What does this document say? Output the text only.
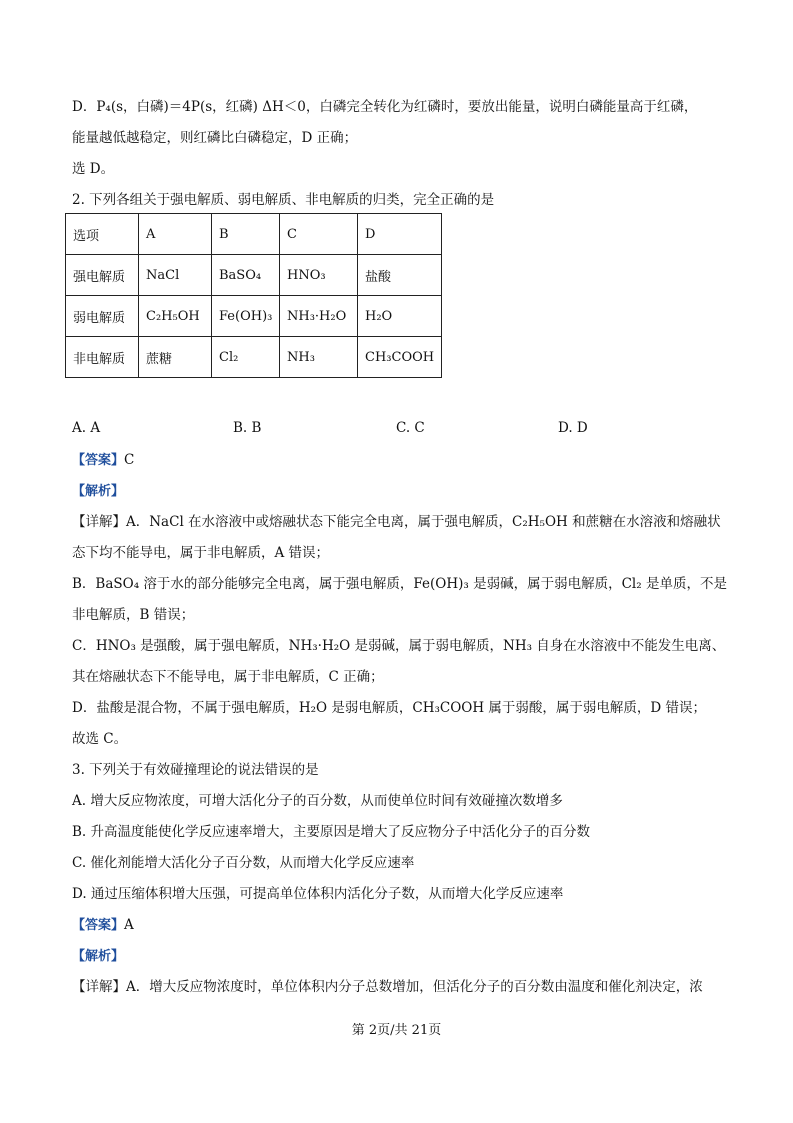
D．P₄(s，白磷)＝4P(s，红磷) ΔH＜0，白磷完全转化为红磷时，要放出能量，说明白磷能量高于红磷，
能量越低越稳定，则红磷比白磷稳定，D 正确；
选 D。
2. 下列各组关于强电解质、弱电解质、非电解质的归类，完全正确的是
选项	A	B	C	D
强电解质	NaCl	BaSO₄	HNO₃	盐酸
弱电解质	C₂H₅OH	Fe(OH)₃	NH₃·H₂O	H₂O
非电解质	蔗糖	Cl₂	NH₃	CH₃COOH
A. A	B. B	C. C	D. D
【答案】C
【解析】
【详解】A．NaCl 在水溶液中或熔融状态下能完全电离，属于强电解质，C₂H₅OH 和蔗糖在水溶液和熔融状
态下均不能导电，属于非电解质，A 错误；
B．BaSO₄ 溶于水的部分能够完全电离，属于强电解质，Fe(OH)₃ 是弱碱，属于弱电解质，Cl₂ 是单质，不是
非电解质，B 错误；
C．HNO₃ 是强酸，属于强电解质，NH₃·H₂O 是弱碱，属于弱电解质，NH₃ 自身在水溶液中不能发生电离、
其在熔融状态下不能导电，属于非电解质，C 正确；
D．盐酸是混合物，不属于强电解质，H₂O 是弱电解质，CH₃COOH 属于弱酸，属于弱电解质，D 错误；
故选 C。
3. 下列关于有效碰撞理论的说法错误的是
A. 增大反应物浓度，可增大活化分子的百分数，从而使单位时间有效碰撞次数增多
B. 升高温度能使化学反应速率增大，主要原因是增大了反应物分子中活化分子的百分数
C. 催化剂能增大活化分子百分数，从而增大化学反应速率
D. 通过压缩体积增大压强，可提高单位体积内活化分子数，从而增大化学反应速率
【答案】A
【解析】
【详解】A．增大反应物浓度时，单位体积内分子总数增加，但活化分子的百分数由温度和催化剂决定，浓
第 2页/共 21页
